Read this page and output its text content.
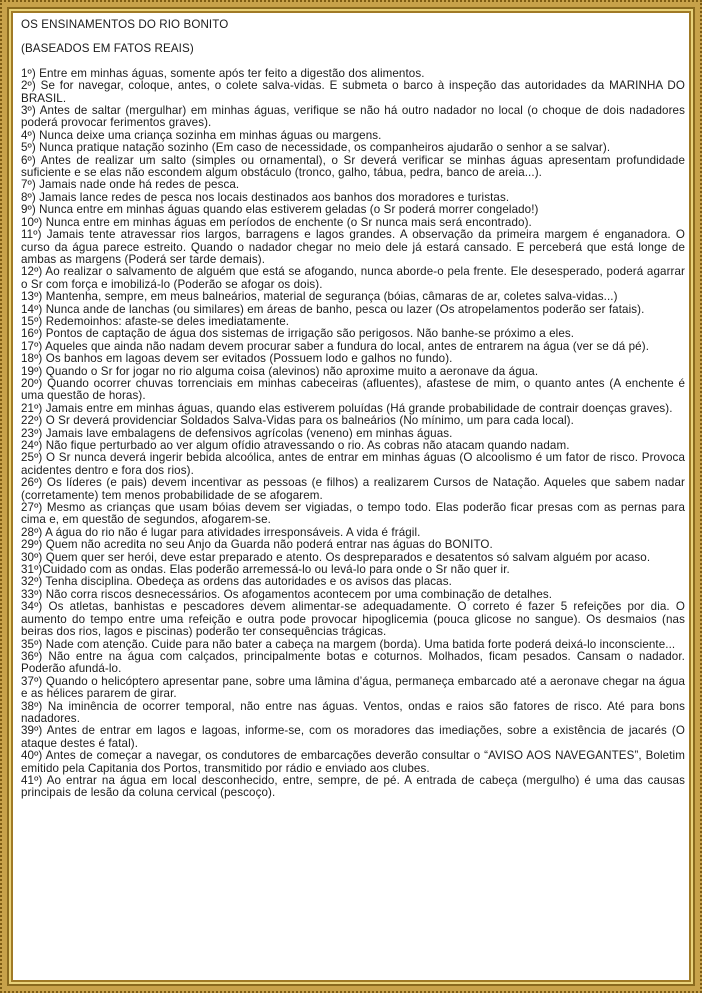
OS ENSINAMENTOS DO RIO BONITO

(BASEADOS EM FATOS REAIS)

1º) Entre em minhas águas, somente após ter feito a digestão dos alimentos.

2º) Se for navegar, coloque, antes, o colete salva-vidas. E submeta o barco à inspeção das autoridades da MARINHA DO BRASIL.

3º) Antes de saltar (mergulhar) em minhas águas, verifique se não há outro nadador no local (o choque de dois nadadores poderá provocar ferimentos graves).

4º) Nunca deixe uma criança sozinha em minhas águas ou margens.

5º) Nunca pratique natação sozinho (Em caso de necessidade, os companheiros ajudarão o senhor a se salvar).

6º) Antes de realizar um salto (simples ou ornamental), o Sr deverá verificar se minhas águas apresentam profundidade suficiente e se elas não escondem algum obstáculo (tronco, galho, tábua, pedra, banco de areia...).

7º) Jamais nade onde há redes de pesca.

8º) Jamais lance redes de pesca nos locais destinados aos banhos dos moradores e turistas.

9º) Nunca entre em minhas águas quando elas estiverem geladas (o Sr poderá morrer congelado!)

10º) Nunca entre em minhas águas em períodos de enchente (o Sr nunca mais será encontrado).

11º) Jamais tente atravessar rios largos, barragens e lagos grandes. A observação da primeira margem é enganadora. O curso da água parece estreito. Quando o nadador chegar no meio dele já estará cansado. E perceberá que está longe de ambas as margens (Poderá ser tarde demais).

12º) Ao realizar o salvamento de alguém que está se afogando, nunca aborde-o pela frente. Ele desesperado, poderá agarrar o Sr com força e imobilizá-lo (Poderão se afogar os dois).

13º) Mantenha, sempre, em meus balneários, material de segurança (bóias, câmaras de ar, coletes salva-vidas...)

14º) Nunca ande de lanchas (ou similares) em áreas de banho, pesca ou lazer (Os atropelamentos poderão ser fatais).

15º) Redemoinhos: afaste-se deles imediatamente.

16º) Pontos de captação de água dos sistemas de irrigação são perigosos. Não banhe-se próximo a eles.

17º) Aqueles que ainda não nadam devem procurar saber a fundura do local, antes de entrarem na água (ver se dá pé).

18º) Os banhos em lagoas devem ser evitados (Possuem lodo e galhos no fundo).

19º) Quando o Sr for jogar no rio alguma coisa (alevinos) não aproxime muito a aeronave da água.

20º) Quando ocorrer chuvas torrenciais em minhas cabeceiras (afluentes), afastese de mim, o quanto antes (A enchente é uma questão de horas).

21º) Jamais entre em minhas águas, quando elas estiverem poluídas (Há grande probabilidade de contrair doenças graves).

22º) O Sr deverá providenciar Soldados Salva-Vidas para os balneários (No mínimo, um para cada local).

23º) Jamais lave embalagens de defensivos agrícolas (veneno) em minhas águas.

24º) Não fique perturbado ao ver algum ofídio atravessando o rio. As cobras não atacam quando nadam.

25º) O Sr nunca deverá ingerir bebida alcoólica, antes de entrar em minhas águas (O alcoolismo é um fator de risco. Provoca acidentes dentro e fora dos rios).

26º) Os líderes (e pais) devem incentivar as pessoas (e filhos) a realizarem Cursos de Natação. Aqueles que sabem nadar (corretamente) tem menos probabilidade de se afogarem.

27º) Mesmo as crianças que usam bóias devem ser vigiadas, o tempo todo. Elas poderão ficar presas com as pernas para cima e, em questão de segundos, afogarem-se.

28º) A água do rio não é lugar para atividades irresponsáveis. A vida é frágil.

29º) Quem não acredita no seu Anjo da Guarda não poderá entrar nas águas do BONITO.

30º) Quem quer ser herói, deve estar preparado e atento. Os despreparados e desatentos só salvam alguém por acaso.

31º)Cuidado com as ondas. Elas poderão arremessá-lo ou levá-lo para onde o Sr não quer ir.

32º) Tenha disciplina. Obedeça as ordens das autoridades e os avisos das placas.

33º) Não corra riscos desnecessários. Os afogamentos acontecem por uma combinação de detalhes.

34º) Os atletas, banhistas e pescadores devem alimentar-se adequadamente. O correto é fazer 5 refeições por dia. O aumento do tempo entre uma refeição e outra pode provocar hipoglicemia (pouca glicose no sangue). Os desmaios (nas beiras dos rios, lagos e piscinas) poderão ter consequências trágicas.

35º) Nade com atenção. Cuide para não bater a cabeça na margem (borda). Uma batida forte poderá deixá-lo inconsciente...

36º) Não entre na água com calçados, principalmente botas e coturnos. Molhados, ficam pesados. Cansam o nadador. Poderão afundá-lo.

37º) Quando o helicóptero apresentar pane, sobre uma lâmina d’água, permaneça embarcado até a aeronave chegar na água e as hélices pararem de girar.

38º) Na iminência de ocorrer temporal, não entre nas águas. Ventos, ondas e raios são fatores de risco. Até para bons nadadores.

39º) Antes de entrar em lagos e lagoas, informe-se, com os moradores das imediações, sobre a existência de jacarés (O ataque destes é fatal).

40º) Antes de começar a navegar, os condutores de embarcações deverão consultar o “AVISO AOS NAVEGANTES”, Boletim emitido pela Capitania dos Portos, transmitido por rádio e enviado aos clubes.

41º) Ao entrar na água em local desconhecido, entre, sempre, de pé. A entrada de cabeça (mergulho) é uma das causas principais de lesão da coluna cervical (pescoço).
